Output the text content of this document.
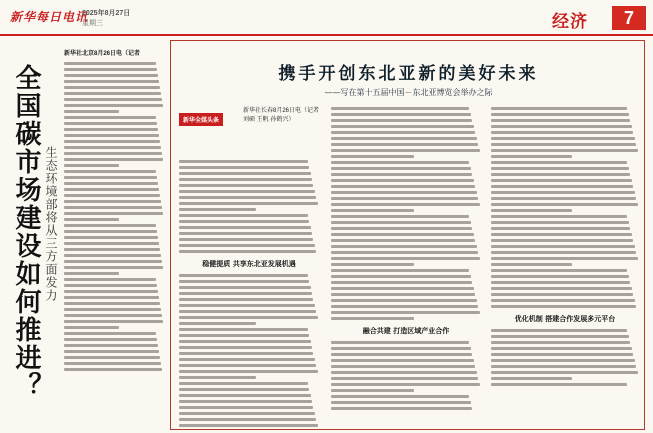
新华每日电讯
2025年8月27日
星期三	经济	7
新华社北京8月26日电（记者
全国碳市场建设如何推进？ 生态环境部将从三方面发力
携手开创东北亚新的美好未来
——写在第十五届中国－东北亚博览会举办之际
新华全媒头条
新华社长春8月26日电（记者 刘硕 王帆 孙鹤兴）
稳健提质 共享东北亚发展机遇
融合共建 打造区域产业合作
优化机制 搭建合作发展多元平台
